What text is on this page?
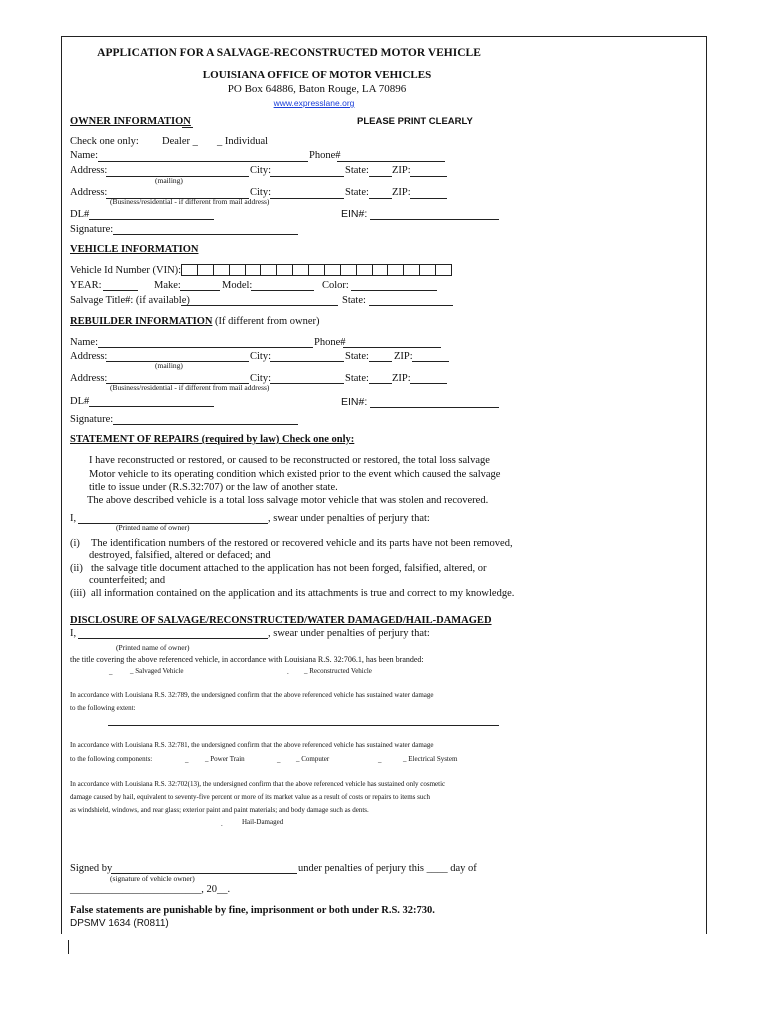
APPLICATION FOR A SALVAGE-RECONSTRUCTED MOTOR VEHICLE
LOUISIANA OFFICE OF MOTOR VEHICLES
PO Box 64886, Baton Rouge, LA 70896
www.expresslane.org
OWNER INFORMATION	PLEASE PRINT CLEARLY
Check one only: Dealer _ _ Individual
Name:	Phone#
Address:	City:	State: ZIP:
(mailing)
Address:	City:	State: ZIP:
(Business/residential - if different from mail address)
DL#	EIN#:
Signature:
VEHICLE INFORMATION
Vehicle Id Number (VIN):
YEAR:	Make:	Model:	Color:
Salvage Title#: (if available)	State:
REBUILDER INFORMATION (If different from owner)
Name:	Phone#
Address:	City:	State: ZIP:
(mailing)
Address:	City:	State: ZIP:
(Business/residential - if different from mail address)
DL#	EIN#:
Signature:
STATEMENT OF REPAIRS (required by law) Check one only:
I have reconstructed or restored, or caused to be reconstructed or restored, the total loss salvage
Motor vehicle to its operating condition which existed prior to the event which caused the salvage
title to issue under (R.S.32:707) or the law of another state.
The above described vehicle is a total loss salvage motor vehicle that was stolen and recovered.
I,	, swear under penalties of perjury that:
(Printed name of owner)
(i) The identification numbers of the restored or recovered vehicle and its parts have not been removed,
destroyed, falsified, altered or defaced; and
(ii) the salvage title document attached to the application has not been forged, falsified, altered, or
counterfeited; and
(iii) all information contained on the application and its attachments is true and correct to my knowledge.
DISCLOSURE OF SALVAGE/RECONSTRUCTED/WATER DAMAGED/HAIL-DAMAGED
I,	, swear under penalties of perjury that:
(Printed name of owner)
the title covering the above referenced vehicle, in accordance with Louisiana R.S. 32:706.1, has been branded:
_	_ Salvaged Vehicle	. _ Reconstructed Vehicle
In accordance with Louisiana R.S. 32:789, the undersigned confirm that the above referenced vehicle has sustained water damage
to the following extent:
In accordance with Louisiana R.S. 32:781, the undersigned confirm that the above referenced vehicle has sustained water damage
to the following components:	_ _ Power Train	_ _ Computer	_	_ Electrical System
In accordance with Louisiana R.S. 32:702(13), the undersigned confirm that the above referenced vehicle has sustained only cosmetic
damage caused by hail, equivalent to seventy-five percent or more of its market value as a result of costs or repairs to items such
as windshield, windows, and rear glass; exterior paint and paint materials; and body damage such as dents.
.	Hail-Damaged
Signed by	under penalties of perjury this ____ day of
(signature of vehicle owner)
_________________________, 20__.
False statements are punishable by fine, imprisonment or both under R.S. 32:730.
DPSMV 1634 (R0811)
